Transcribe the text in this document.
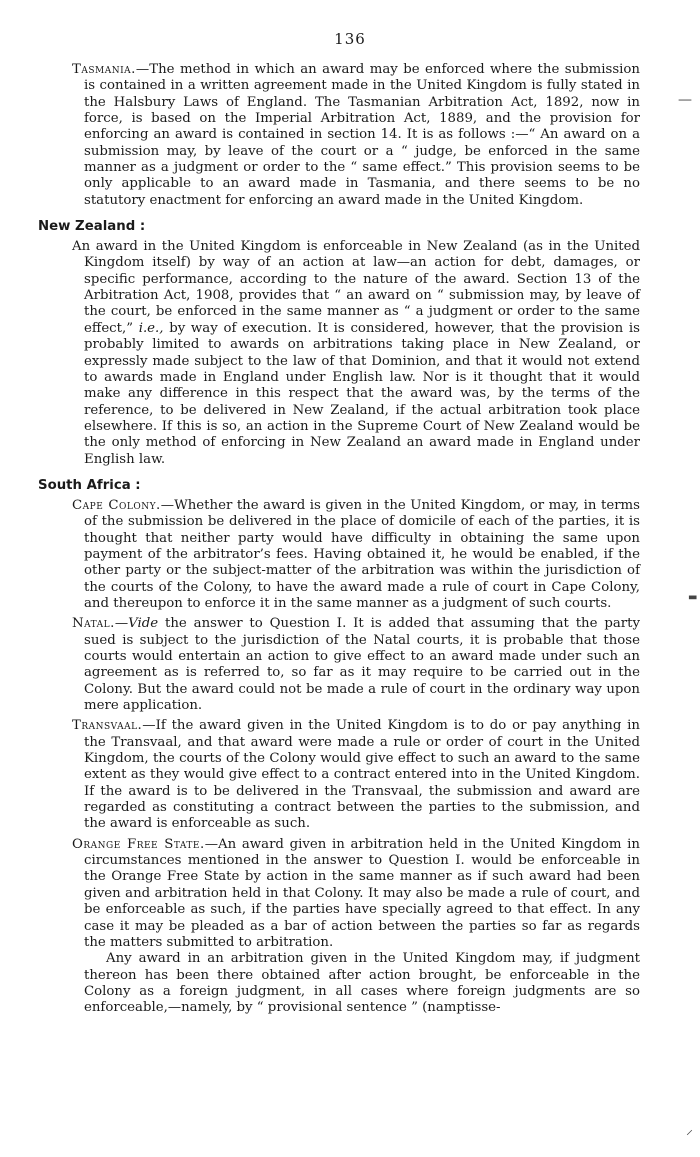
136
—
▬
⸝

Tasmania.—The method in which an award may be enforced where the submission is contained in a written agreement made in the United Kingdom is fully stated in the Halsbury Laws of England. The Tasmanian Arbitration Act, 1892, now in force, is based on the Imperial Arbitration Act, 1889, and the provision for enforcing an award is contained in section 14. It is as follows :—“ An award on a submission may, by leave of the court or a “ judge, be enforced in the same manner as a judgment or order to the “ same effect.” This provision seems to be only applicable to an award made in Tasmania, and there seems to be no statutory enactment for enforcing an award made in the United Kingdom.

New Zealand :

An award in the United Kingdom is enforceable in New Zealand (as in the United Kingdom itself) by way of an action at law—an action for debt, damages, or specific performance, according to the nature of the award. Section 13 of the Arbitration Act, 1908, provides that “ an award on “ submission may, by leave of the court, be enforced in the same manner as “ a judgment or order to the same effect,” i.e., by way of execution. It is considered, however, that the provision is probably limited to awards on arbitrations taking place in New Zealand, or expressly made subject to the law of that Dominion, and that it would not extend to awards made in England under English law. Nor is it thought that it would make any difference in this respect that the award was, by the terms of the reference, to be delivered in New Zealand, if the actual arbitration took place elsewhere. If this is so, an action in the Supreme Court of New Zealand would be the only method of enforcing in New Zealand an award made in England under English law.

South Africa :

Cape Colony.—Whether the award is given in the United Kingdom, or may, in terms of the submission be delivered in the place of domicile of each of the parties, it is thought that neither party would have difficulty in obtaining the same upon payment of the arbitrator’s fees. Having obtained it, he would be enabled, if the other party or the subject-matter of the arbitration was within the jurisdiction of the courts of the Colony, to have the award made a rule of court in Cape Colony, and thereupon to enforce it in the same manner as a judgment of such courts.

Natal.—Vide the answer to Question I. It is added that assuming that the party sued is subject to the jurisdiction of the Natal courts, it is probable that those courts would entertain an action to give effect to an award made under such an agreement as is referred to, so far as it may require to be carried out in the Colony. But the award could not be made a rule of court in the ordinary way upon mere application.

Transvaal.—If the award given in the United Kingdom is to do or pay anything in the Transvaal, and that award were made a rule or order of court in the United Kingdom, the courts of the Colony would give effect to such an award to the same extent as they would give effect to a contract entered into in the United Kingdom. If the award is to be delivered in the Transvaal, the submission and award are regarded as constituting a contract between the parties to the submission, and the award is enforceable as such.

Orange Free State.—An award given in arbitration held in the United Kingdom in circumstances mentioned in the answer to Question I. would be enforceable in the Orange Free State by action in the same manner as if such award had been given and arbitration held in that Colony. It may also be made a rule of court, and be enforceable as such, if the parties have specially agreed to that effect. In any case it may be pleaded as a bar of action between the parties so far as regards the matters submitted to arbitration.

Any award in an arbitration given in the United Kingdom may, if judgment thereon has been there obtained after action brought, be enforceable in the Colony as a foreign judgment, in all cases where foreign judgments are so enforceable,—namely, by “ provisional sentence ” (namptisse-
